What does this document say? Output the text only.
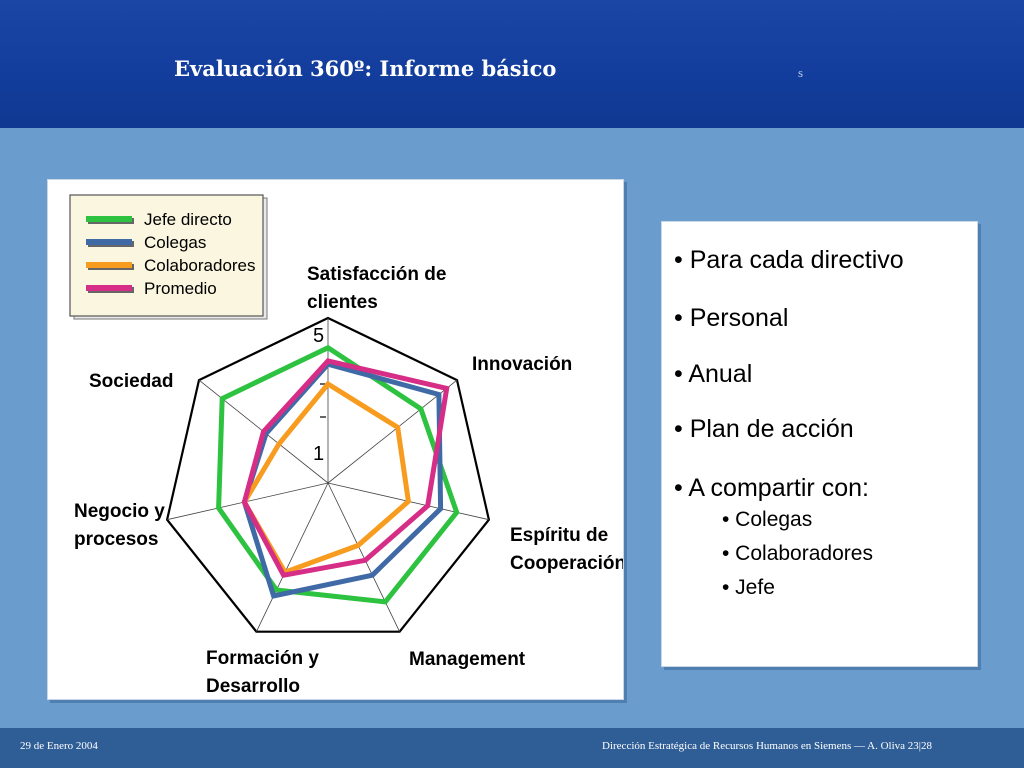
Evaluación 360º: Informe básico	s
Jefe directo
Colegas
Colaboradores
Promedio
5
1
Satisfacción de clientes
Innovación
Espíritu de Cooperación
Management
Formación y Desarrollo
Negocio y procesos
Sociedad
• Para cada directivo
• Personal
• Anual
• Plan de acción
• A compartir con:
• Colegas
• Colaboradores
• Jefe
29 de Enero 2004	Dirección Estratégica de Recursos Humanos en Siemens –– A. Oliva 23|28
